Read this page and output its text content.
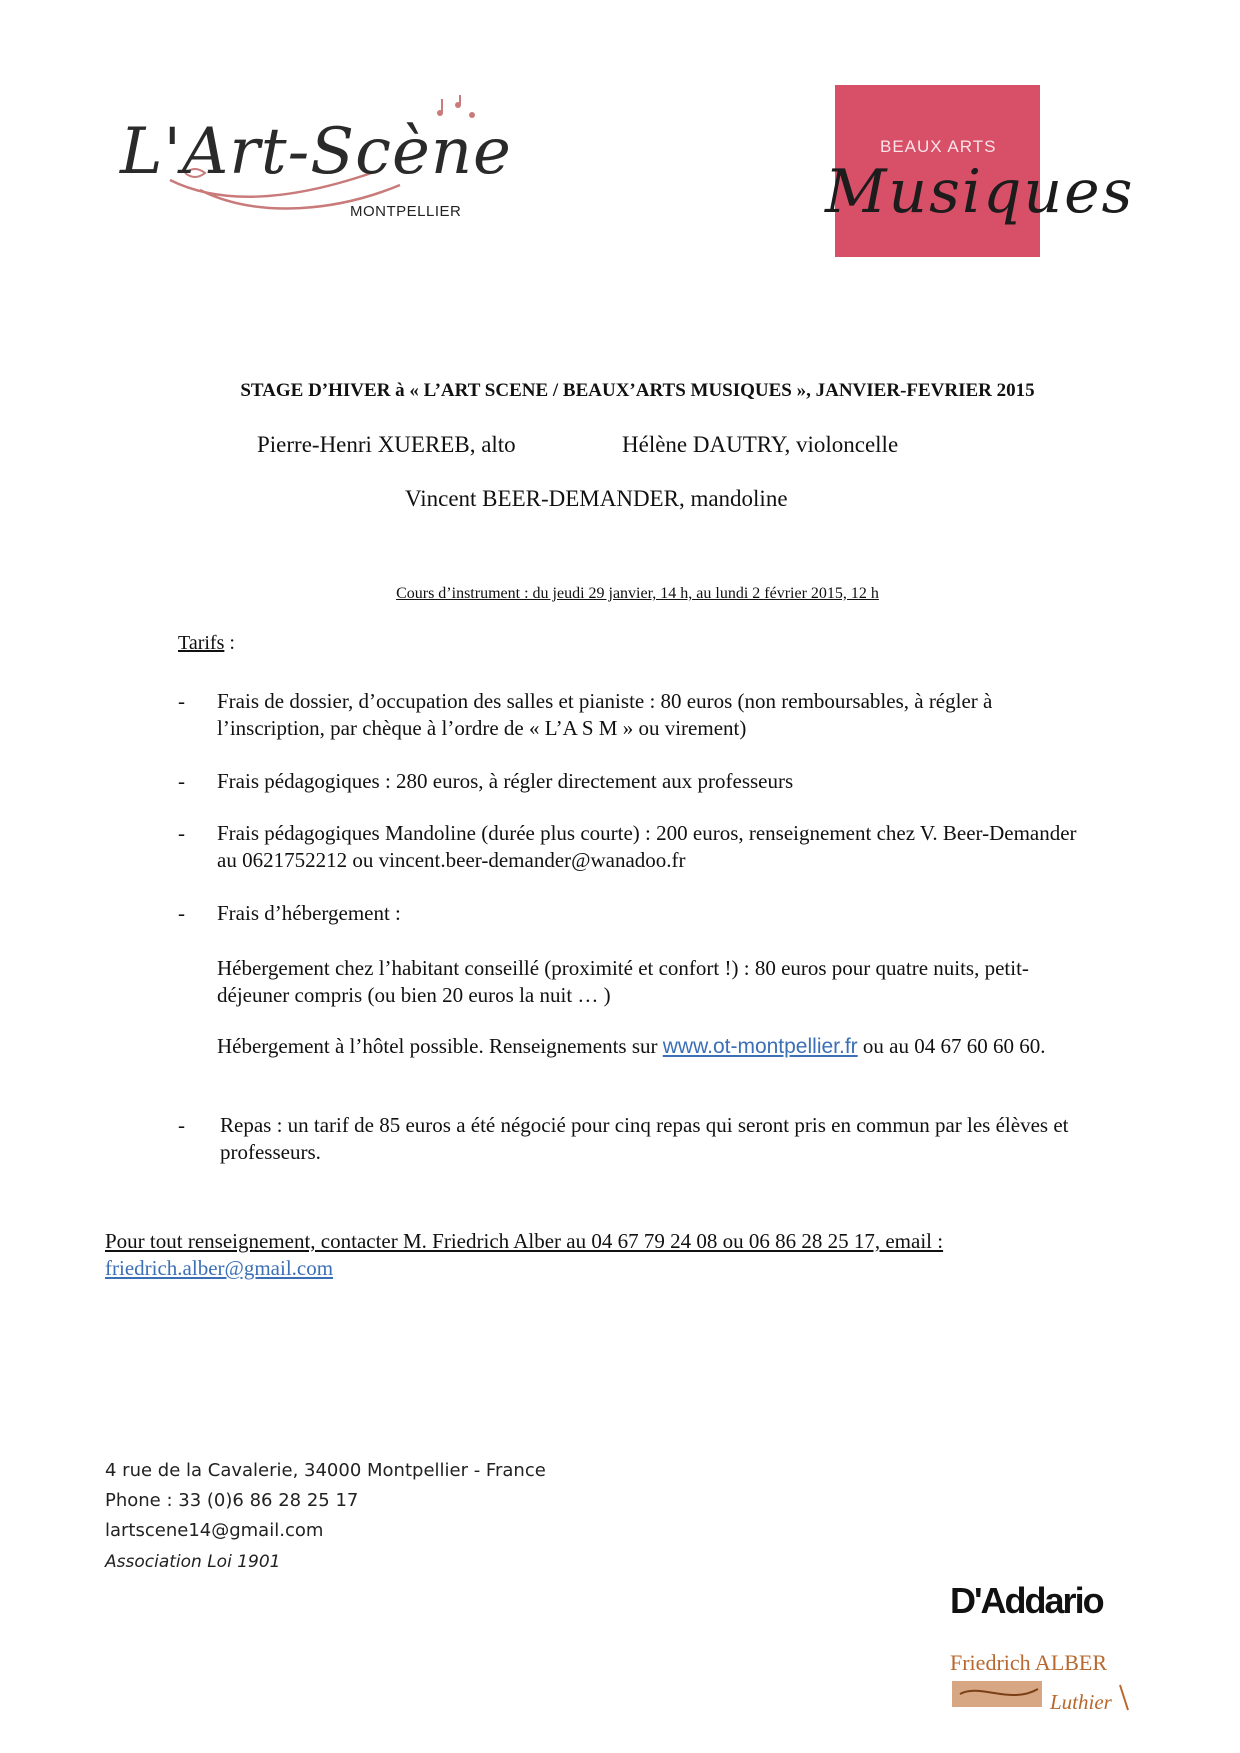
L'Art-Scène
MONTPELLIER
BEAUX ARTS
Musiques
STAGE D’HIVER à « L’ART SCENE / BEAUX’ARTS MUSIQUES », JANVIER-FEVRIER 2015
Pierre-Henri XUEREB, alto	Hélène DAUTRY, violoncelle
Vincent BEER-DEMANDER, mandoline
Cours d’instrument : du jeudi 29 janvier, 14 h, au lundi 2 février 2015, 12 h
Tarifs :
- Frais de dossier, d’occupation des salles et pianiste : 80 euros (non remboursables, à régler à l’inscription, par chèque à l’ordre de « L’A S M » ou virement)
- Frais pédagogiques : 280 euros, à régler directement aux professeurs
- Frais pédagogiques Mandoline (durée plus courte) : 200 euros, renseignement chez V. Beer-Demander au 0621752212 ou vincent.beer-demander@wanadoo.fr
- Frais d’hébergement :
Hébergement chez l’habitant conseillé (proximité et confort !) : 80 euros pour quatre nuits, petit-déjeuner compris (ou bien 20 euros la nuit … )
Hébergement à l’hôtel possible. Renseignements sur www.ot-montpellier.fr ou au 04 67 60 60 60.
- Repas : un tarif de 85 euros a été négocié pour cinq repas qui seront pris en commun par les élèves et professeurs.
Pour tout renseignement, contacter M. Friedrich Alber au 04 67 79 24 08 ou 06 86 28 25 17, email :
friedrich.alber@gmail.com
4 rue de la Cavalerie, 34000 Montpellier - France
Phone : 33 (0)6 86 28 25 17
lartscene14@gmail.com
Association Loi 1901
D'Addario
Friedrich ALBER
Luthier
